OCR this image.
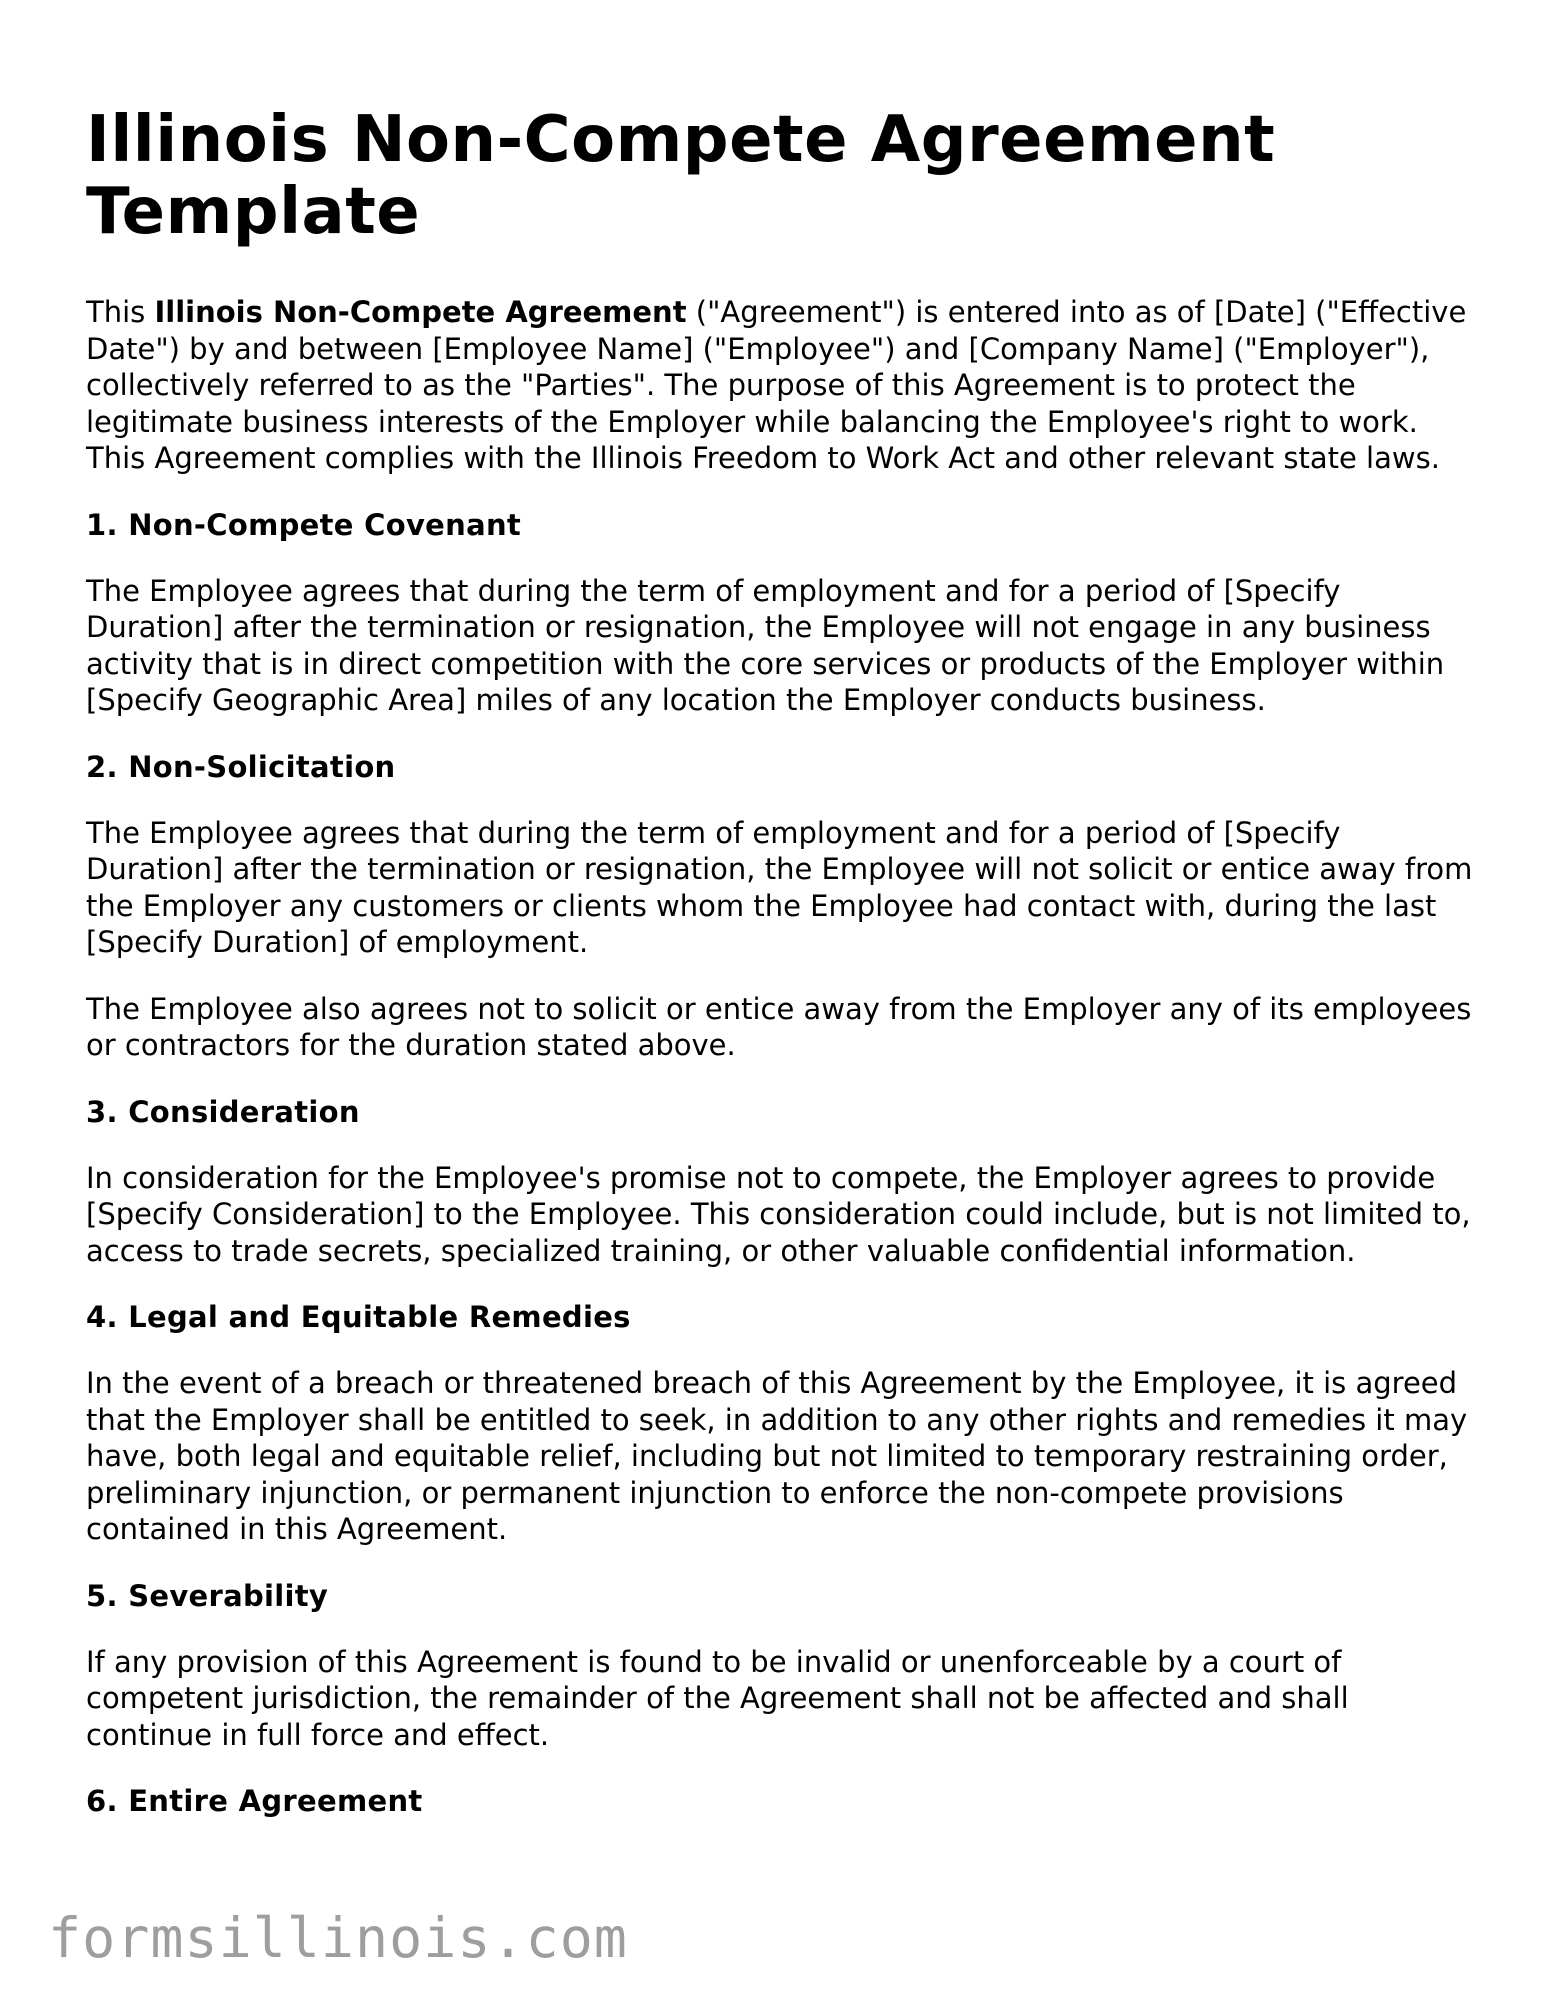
Illinois Non-Compete Agreement Template

This Illinois Non-Compete Agreement ("Agreement") is entered into as of [Date] ("Effective Date") by and between [Employee Name] ("Employee") and [Company Name] ("Employer"), collectively referred to as the "Parties". The purpose of this Agreement is to protect the legitimate business interests of the Employer while balancing the Employee's right to work. This Agreement complies with the Illinois Freedom to Work Act and other relevant state laws.

1. Non-Compete Covenant

The Employee agrees that during the term of employment and for a period of [Specify Duration] after the termination or resignation, the Employee will not engage in any business activity that is in direct competition with the core services or products of the Employer within [Specify Geographic Area] miles of any location the Employer conducts business.

2. Non-Solicitation

The Employee agrees that during the term of employment and for a period of [Specify Duration] after the termination or resignation, the Employee will not solicit or entice away from the Employer any customers or clients whom the Employee had contact with, during the last [Specify Duration] of employment.

The Employee also agrees not to solicit or entice away from the Employer any of its employees or contractors for the duration stated above.

3. Consideration

In consideration for the Employee's promise not to compete, the Employer agrees to provide [Specify Consideration] to the Employee. This consideration could include, but is not limited to, access to trade secrets, specialized training, or other valuable confidential information.

4. Legal and Equitable Remedies

In the event of a breach or threatened breach of this Agreement by the Employee, it is agreed that the Employer shall be entitled to seek, in addition to any other rights and remedies it may have, both legal and equitable relief, including but not limited to temporary restraining order, preliminary injunction, or permanent injunction to enforce the non-compete provisions contained in this Agreement.

5. Severability

If any provision of this Agreement is found to be invalid or unenforceable by a court of competent jurisdiction, the remainder of the Agreement shall not be affected and shall continue in full force and effect.

6. Entire Agreement
formsillinois.com
